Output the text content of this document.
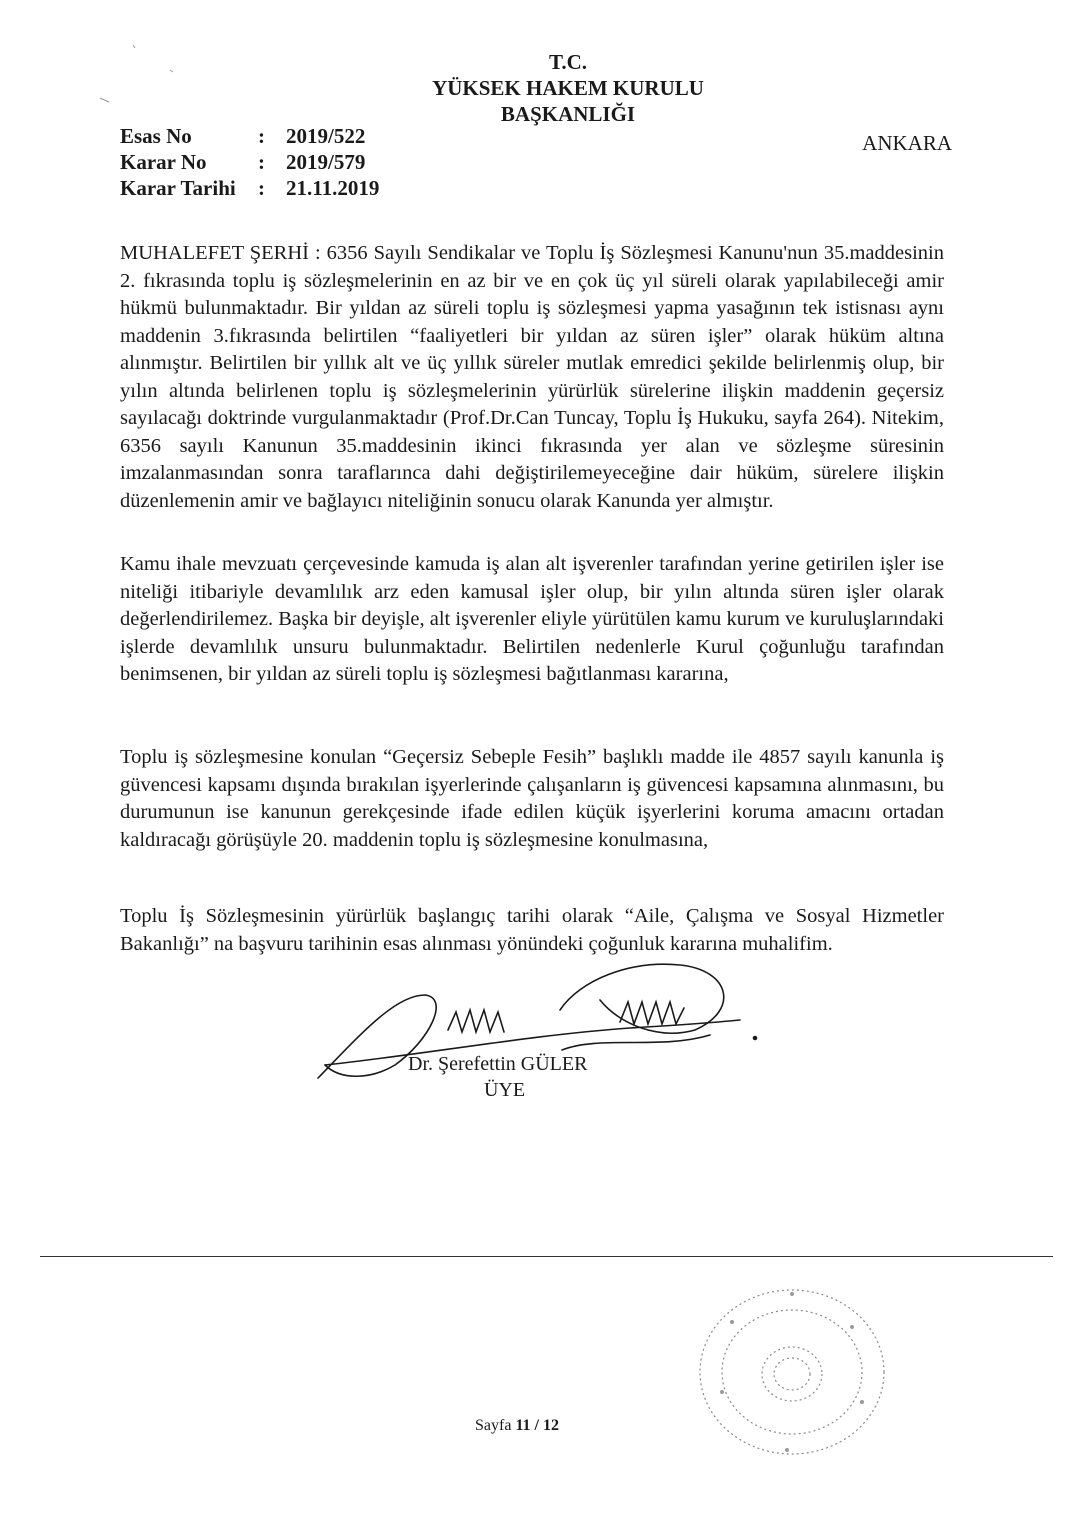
T.C.
YÜKSEK HAKEM KURULU
BAŞKANLIĞI
Esas No	: 2019/522
Karar No : 2019/579
Karar Tarihi : 21.11.2019
ANKARA
MUHALEFET ŞERHİ : 6356 Sayılı Sendikalar ve Toplu İş Sözleşmesi Kanunu'nun 35.maddesinin 2. fıkrasında toplu iş sözleşmelerinin en az bir ve en çok üç yıl süreli olarak yapılabileceği amir hükmü bulunmaktadır. Bir yıldan az süreli toplu iş sözleşmesi yapma yasağının tek istisnası aynı maddenin 3.fıkrasında belirtilen “faaliyetleri bir yıldan az süren işler” olarak hüküm altına alınmıştır. Belirtilen bir yıllık alt ve üç yıllık süreler mutlak emredici şekilde belirlenmiş olup, bir yılın altında belirlenen toplu iş sözleşmelerinin yürürlük sürelerine ilişkin maddenin geçersiz sayılacağı doktrinde vurgulanmaktadır (Prof.Dr.Can Tuncay, Toplu İş Hukuku, sayfa 264). Nitekim, 6356 sayılı Kanunun 35.maddesinin ikinci fıkrasında yer alan ve sözleşme süresinin imzalanmasından sonra taraflarınca dahi değiştirilemeyeceğine dair hüküm, sürelere ilişkin düzenlemenin amir ve bağlayıcı niteliğinin sonucu olarak Kanunda yer almıştır.
Kamu ihale mevzuatı çerçevesinde kamuda iş alan alt işverenler tarafından yerine getirilen işler ise niteliği itibariyle devamlılık arz eden kamusal işler olup, bir yılın altında süren işler olarak değerlendirilemez. Başka bir deyişle, alt işverenler eliyle yürütülen kamu kurum ve kuruluşlarındaki işlerde devamlılık unsuru bulunmaktadır. Belirtilen nedenlerle Kurul çoğunluğu tarafından benimsenen, bir yıldan az süreli toplu iş sözleşmesi bağıtlanması kararına,
Toplu iş sözleşmesine konulan “Geçersiz Sebeple Fesih” başlıklı madde ile 4857 sayılı kanunla iş güvencesi kapsamı dışında bırakılan işyerlerinde çalışanların iş güvencesi kapsamına alınmasını, bu durumunun ise kanunun gerekçesinde ifade edilen küçük işyerlerini koruma amacını ortadan kaldıracağı görüşüyle 20. maddenin toplu iş sözleşmesine konulmasına,
Toplu İş Sözleşmesinin yürürlük başlangıç tarihi olarak “Aile, Çalışma ve Sosyal Hizmetler Bakanlığı” na başvuru tarihinin esas alınması yönündeki çoğunluk kararına muhalifim.
Dr. Şerefettin GÜLER
ÜYE
Sayfa 11 / 12
